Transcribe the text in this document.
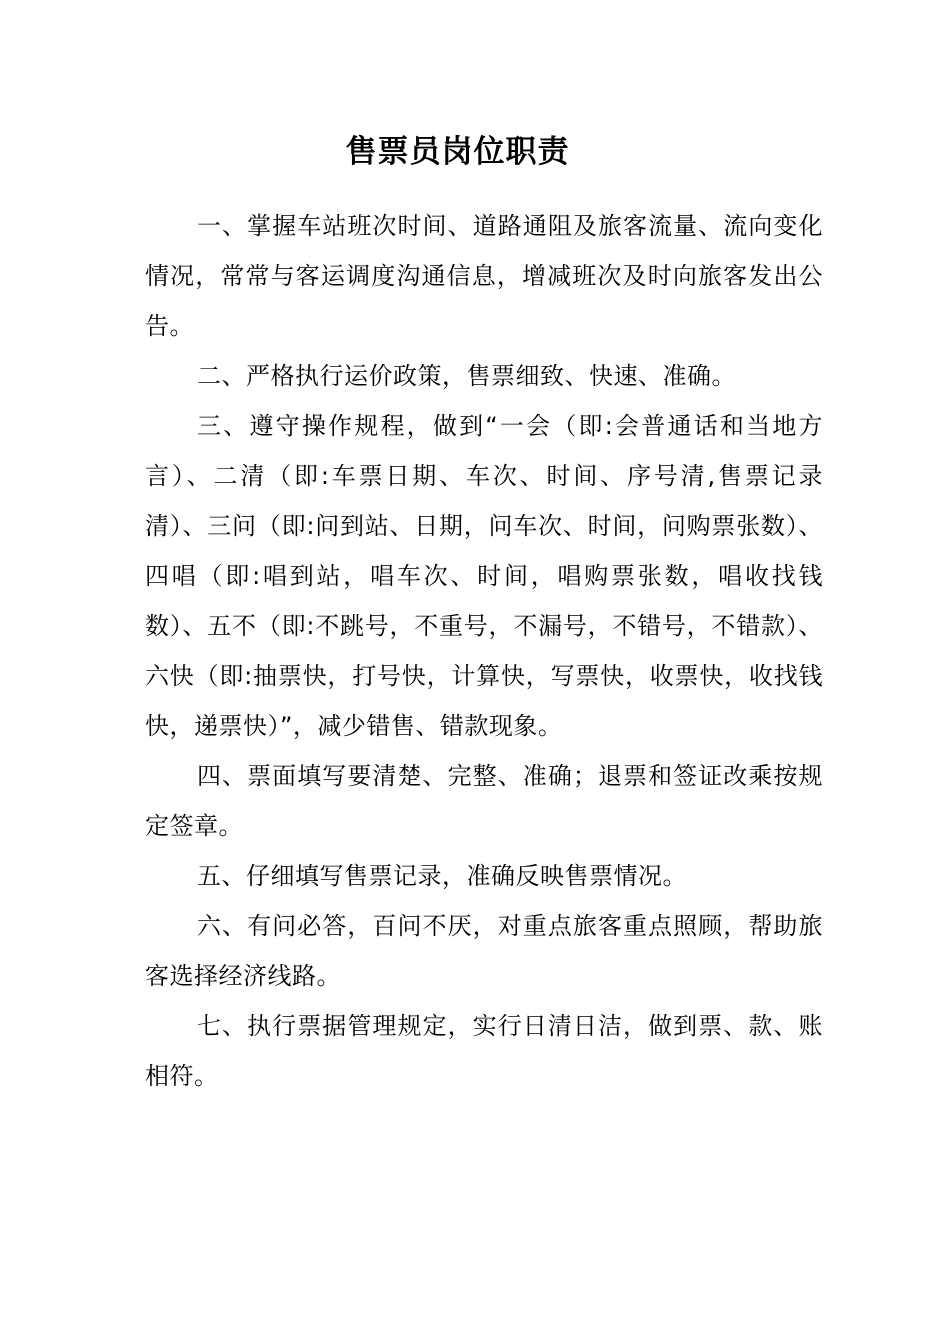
售票员岗位职责

一、掌握车站班次时间、道路通阻及旅客流量、流向变化情况，常常与客运调度沟通信息，增减班次及时向旅客发出公告。

二、严格执行运价政策，售票细致、快速、准确。

三、遵守操作规程，做到“一会（即:会普通话和当地方言）、二清（即:车票日期、车次、时间、序号清,售票记录清）、三问（即:问到站、日期，问车次、时间，问购票张数）、四唱（即:唱到站，唱车次、时间，唱购票张数，唱收找钱数）、五不（即:不跳号，不重号，不漏号，不错号，不错款）、六快（即:抽票快，打号快，计算快，写票快，收票快，收找钱快，递票快）”，减少错售、错款现象。

四、票面填写要清楚、完整、准确；退票和签证改乘按规定签章。

五、仔细填写售票记录，准确反映售票情况。

六、有问必答，百问不厌，对重点旅客重点照顾，帮助旅客选择经济线路。

七、执行票据管理规定，实行日清日洁，做到票、款、账相符。
